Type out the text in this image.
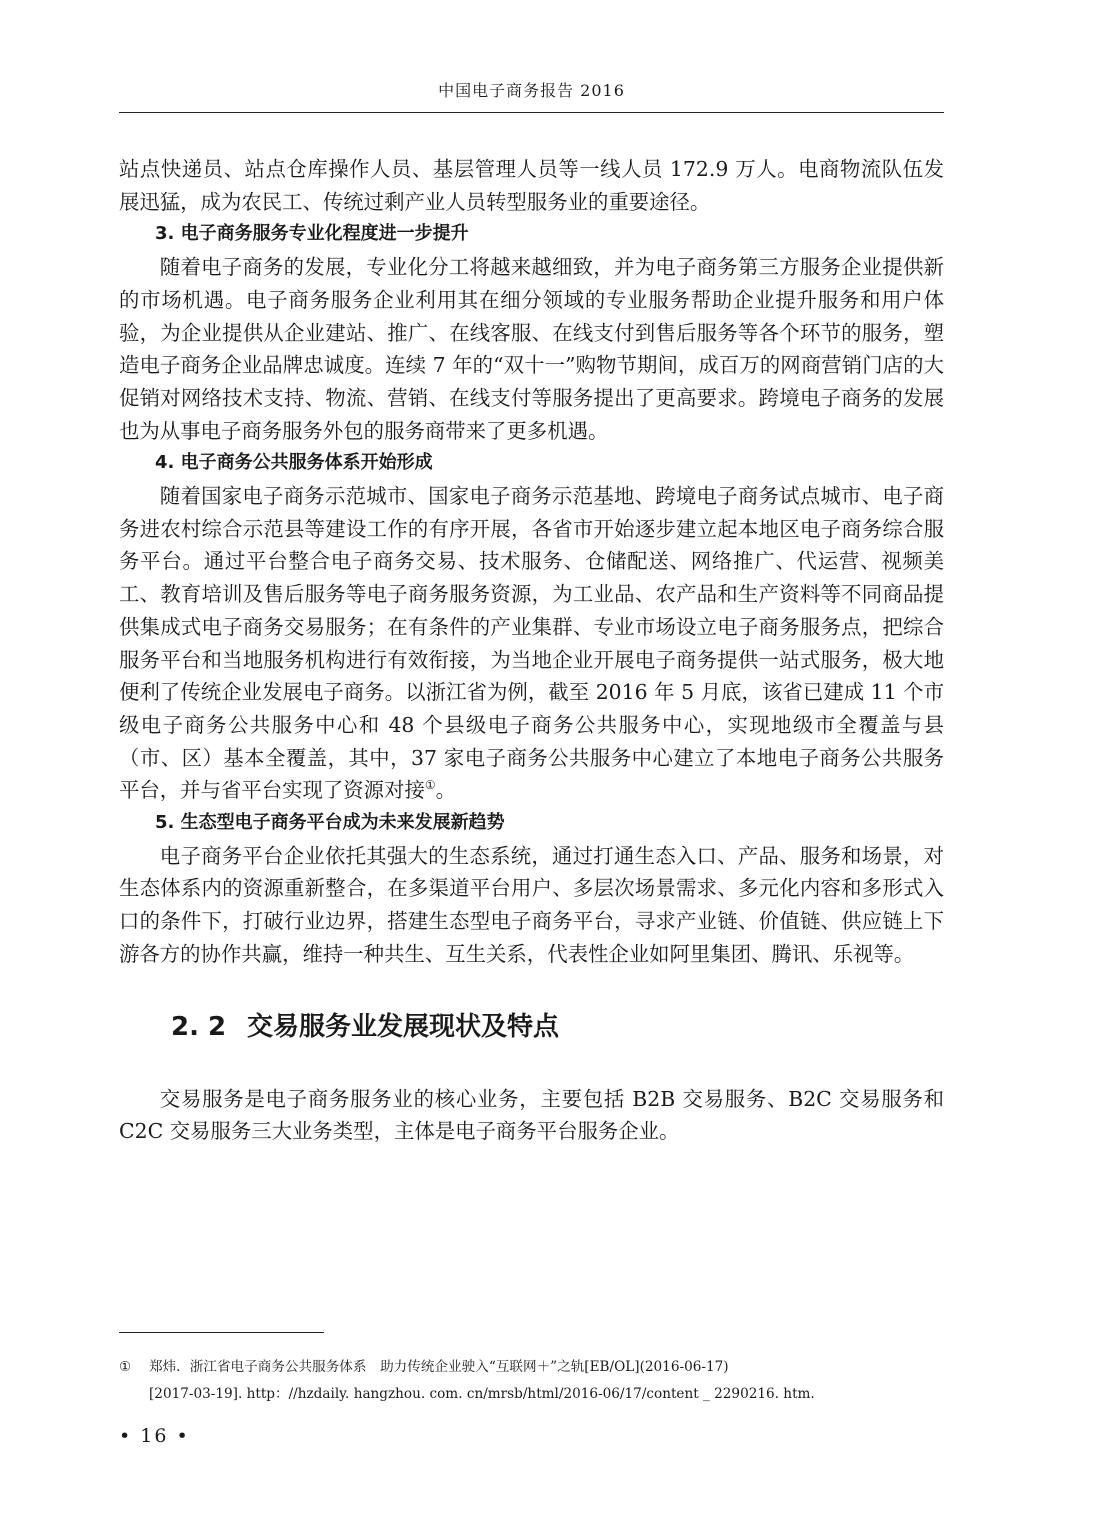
中国电子商务报告 2016

站点快递员、站点仓库操作人员、基层管理人员等一线人员 172.9 万人。电商物流队伍发展迅猛，成为农民工、传统过剩产业人员转型服务业的重要途径。

3. 电子商务服务专业化程度进一步提升

随着电子商务的发展，专业化分工将越来越细致，并为电子商务第三方服务企业提供新的市场机遇。电子商务服务企业利用其在细分领域的专业服务帮助企业提升服务和用户体验，为企业提供从企业建站、推广、在线客服、在线支付到售后服务等各个环节的服务，塑造电子商务企业品牌忠诚度。连续 7 年的“双十一”购物节期间，成百万的网商营销门店的大促销对网络技术支持、物流、营销、在线支付等服务提出了更高要求。跨境电子商务的发展也为从事电子商务服务外包的服务商带来了更多机遇。

4. 电子商务公共服务体系开始形成

随着国家电子商务示范城市、国家电子商务示范基地、跨境电子商务试点城市、电子商务进农村综合示范县等建设工作的有序开展，各省市开始逐步建立起本地区电子商务综合服务平台。通过平台整合电子商务交易、技术服务、仓储配送、网络推广、代运营、视频美工、教育培训及售后服务等电子商务服务资源，为工业品、农产品和生产资料等不同商品提供集成式电子商务交易服务；在有条件的产业集群、专业市场设立电子商务服务点，把综合服务平台和当地服务机构进行有效衔接，为当地企业开展电子商务提供一站式服务，极大地便利了传统企业发展电子商务。以浙江省为例，截至 2016 年 5 月底，该省已建成 11 个市级电子商务公共服务中心和 48 个县级电子商务公共服务中心，实现地级市全覆盖与县（市、区）基本全覆盖，其中，37 家电子商务公共服务中心建立了本地电子商务公共服务平台，并与省平台实现了资源对接①。

5. 生态型电子商务平台成为未来发展新趋势

电子商务平台企业依托其强大的生态系统，通过打通生态入口、产品、服务和场景，对生态体系内的资源重新整合，在多渠道平台用户、多层次场景需求、多元化内容和多形式入口的条件下，打破行业边界，搭建生态型电子商务平台，寻求产业链、价值链、供应链上下游各方的协作共赢，维持一种共生、互生关系，代表性企业如阿里集团、腾讯、乐视等。

2. 2 交易服务业发展现状及特点

交易服务是电子商务服务业的核心业务，主要包括 B2B 交易服务、B2C 交易服务和 C2C 交易服务三大业务类型，主体是电子商务平台服务企业。

① 郑炜．浙江省电子商务公共服务体系　助力传统企业驶入“互联网＋”之轨[EB/OL](2016-06-17)
[2017-03-19]. http：//hzdaily. hangzhou. com. cn/mrsb/html/2016-06/17/content _ 2290216. htm.
• 16 •
